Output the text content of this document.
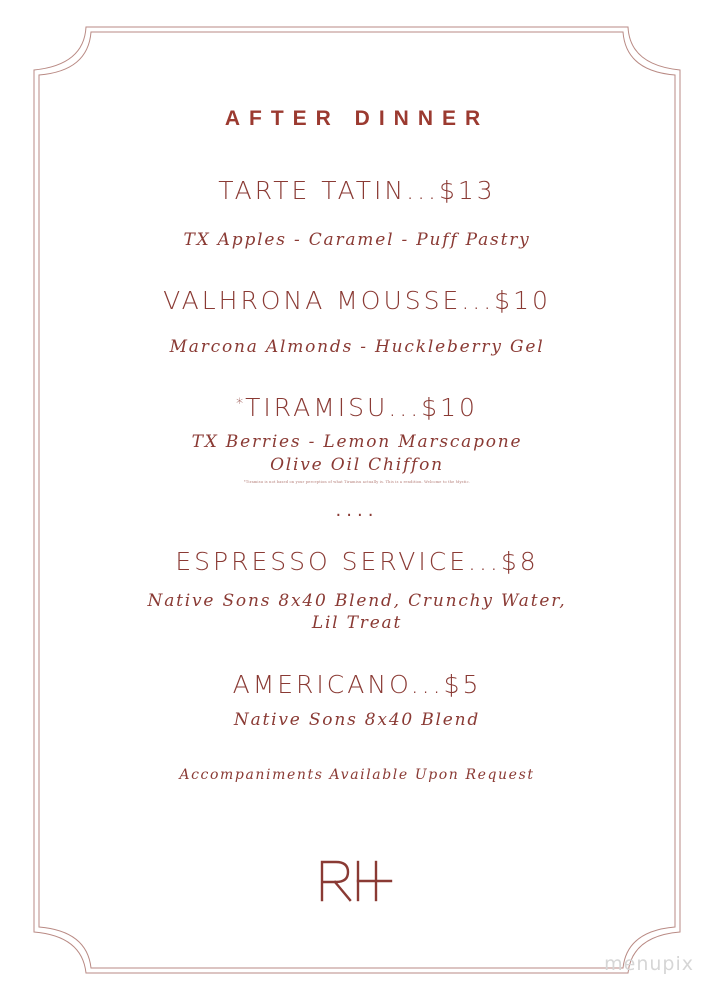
AFTER DINNER
TARTE TATIN...$13
TX Apples - Caramel - Puff Pastry
VALHRONA MOUSSE...$10
Marcona Almonds - Huckleberry Gel
*TIRAMISU...$10
TX Berries - Lemon Marscapone
Olive Oil Chiffon
*Tiramisu is not based on your perception of what Tiramisu actually is. This is a rendition. Welcome to the Mystic.
....
ESPRESSO SERVICE...$8
Native Sons 8x40 Blend, Crunchy Water,
Lil Treat
AMERICANO...$5
Native Sons 8x40 Blend
Accompaniments Available Upon Request
menupix
